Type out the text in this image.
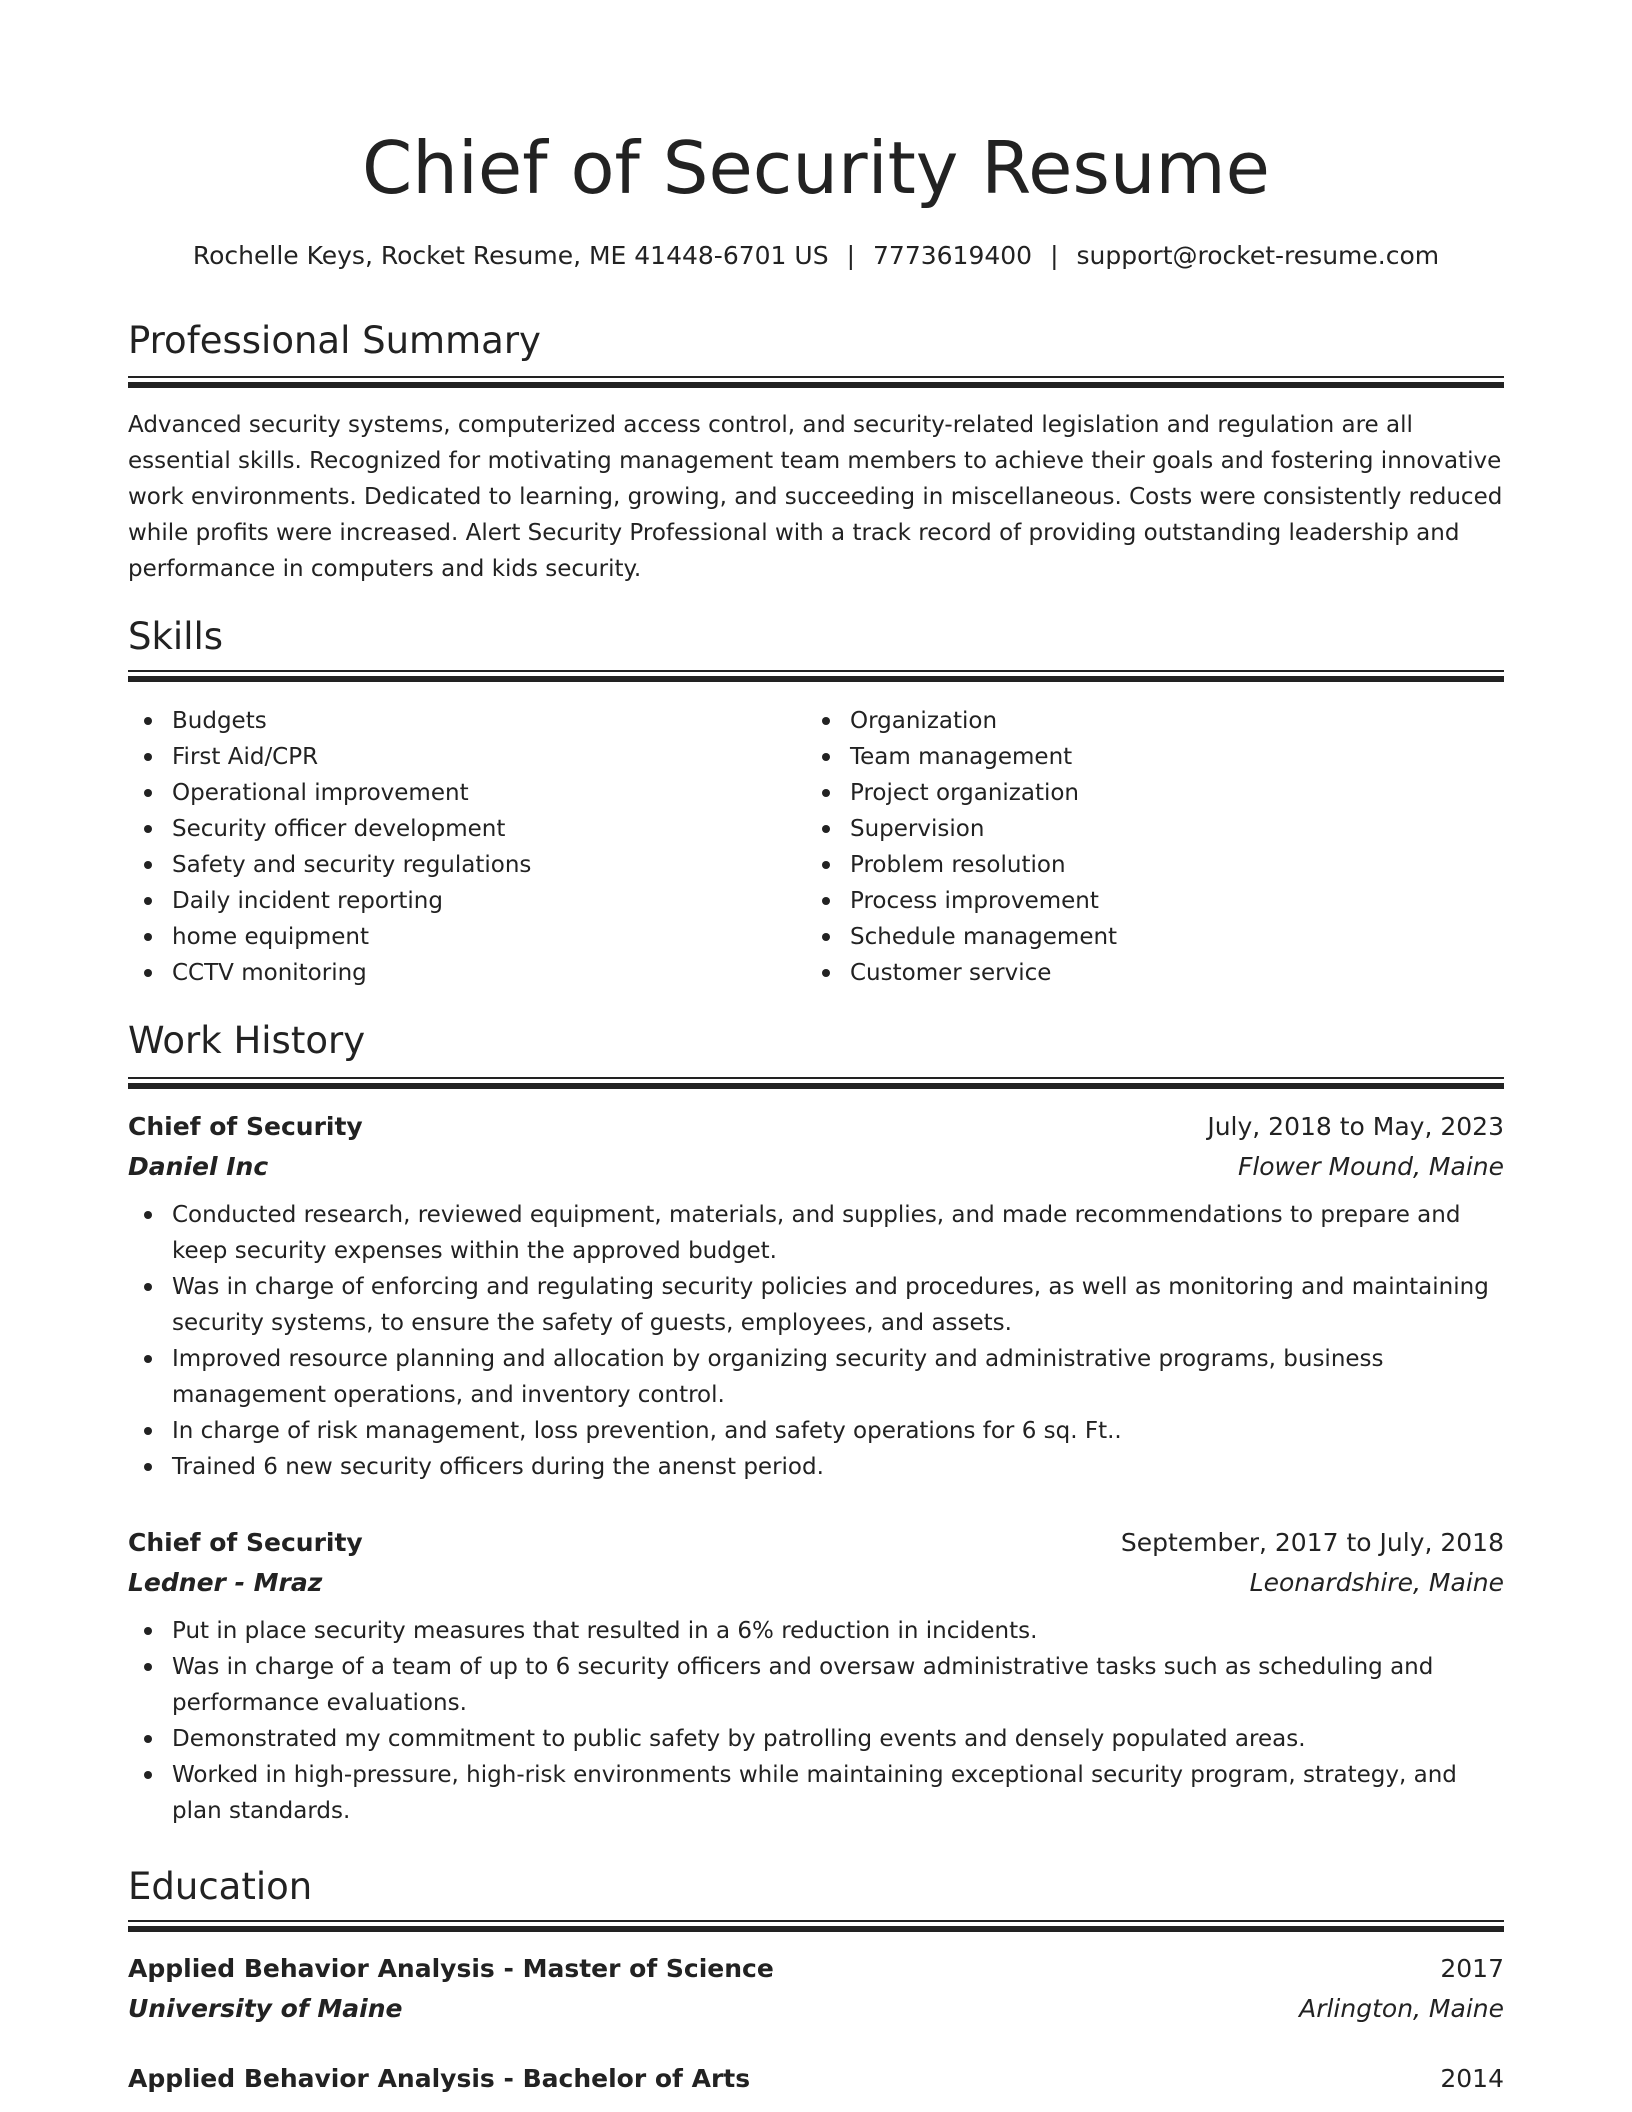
Chief of Security Resume
Rochelle Keys, Rocket Resume, ME 41448-6701 US | 7773619400 | support@rocket-resume.com
Professional Summary

Advanced security systems, computerized access control, and security-related legislation and regulation are all essential skills. Recognized for motivating management team members to achieve their goals and fostering innovative work environments. Dedicated to learning, growing, and succeeding in miscellaneous. Costs were consistently reduced while profits were increased. Alert Security Professional with a track record of providing outstanding leadership and performance in computers and kids security.

Skills
Budgets
First Aid/CPR
Operational improvement
Security officer development
Safety and security regulations
Daily incident reporting
home equipment
CCTV monitoring
Organization
Team management
Project organization
Supervision
Problem resolution
Process improvement
Schedule management
Customer service
Work History
Chief of Security	July, 2018 to May, 2023
Daniel Inc	Flower Mound, Maine
Conducted research, reviewed equipment, materials, and supplies, and made recommendations to prepare and keep security expenses within the approved budget.
Was in charge of enforcing and regulating security policies and procedures, as well as monitoring and maintaining security systems, to ensure the safety of guests, employees, and assets.
Improved resource planning and allocation by organizing security and administrative programs, business management operations, and inventory control.
In charge of risk management, loss prevention, and safety operations for 6 sq. Ft..
Trained 6 new security officers during the anenst period.
Chief of Security	September, 2017 to July, 2018
Ledner - Mraz	Leonardshire, Maine
Put in place security measures that resulted in a 6% reduction in incidents.
Was in charge of a team of up to 6 security officers and oversaw administrative tasks such as scheduling and performance evaluations.
Demonstrated my commitment to public safety by patrolling events and densely populated areas.
Worked in high-pressure, high-risk environments while maintaining exceptional security program, strategy, and plan standards.
Education
Applied Behavior Analysis - Master of Science	2017
University of Maine	Arlington, Maine
Applied Behavior Analysis - Bachelor of Arts	2014
